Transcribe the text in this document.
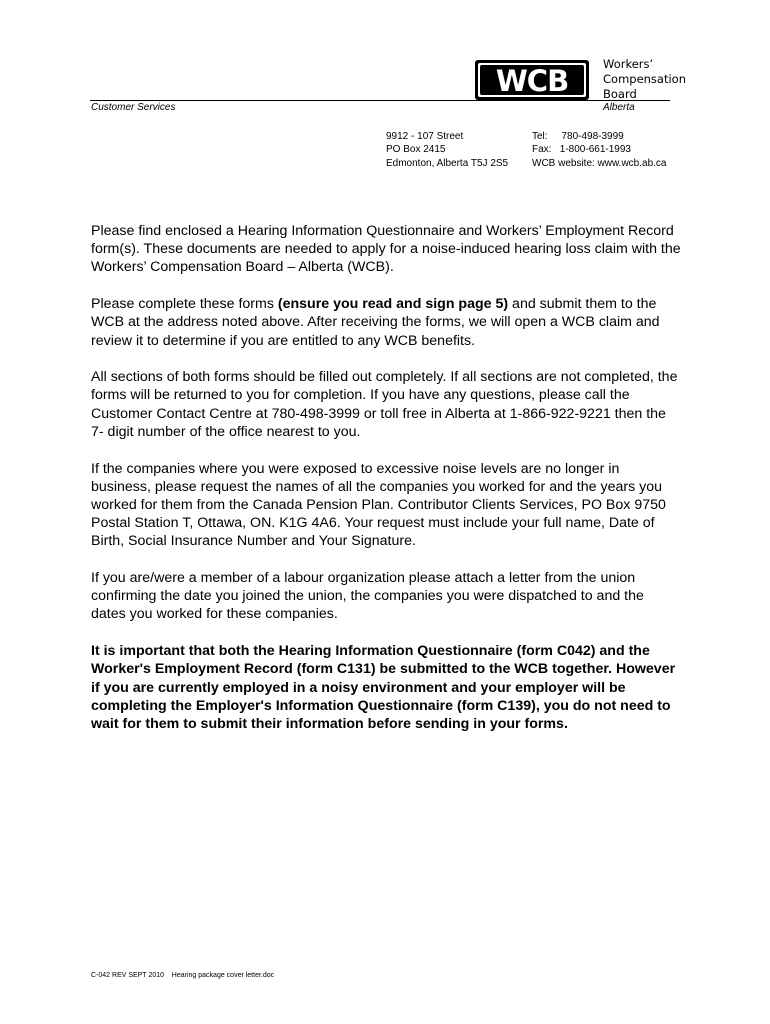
WCB	Workers’
Compensation
Board
Customer Services	Alberta
9912 - 107 Street
PO Box 2415
Edmonton, Alberta T5J 2S5
Tel:     780-498-3999
Fax:   1-800-661-1993
WCB website: www.wcb.ab.ca

Please find enclosed a Hearing Information Questionnaire and Workers’ Employment Record form(s). These documents are needed to apply for a noise-induced hearing loss claim with the Workers’ Compensation Board – Alberta (WCB).

Please complete these forms (ensure you read and sign page 5) and submit them to the WCB at the address noted above. After receiving the forms, we will open a WCB claim and review it to determine if you are entitled to any WCB benefits.

All sections of both forms should be filled out completely. If all sections are not completed, the forms will be returned to you for completion. If you have any questions, please call the Customer Contact Centre at 780-498-3999 or toll free in Alberta at 1-866-922-9221 then the 7- digit number of the office nearest to you.

If the companies where you were exposed to excessive noise levels are no longer in business, please request the names of all the companies you worked for and the years you worked for them from the Canada Pension Plan. Contributor Clients Services, PO Box 9750 Postal Station T, Ottawa, ON. K1G 4A6. Your request must include your full name, Date of Birth, Social Insurance Number and Your Signature.

If you are/were a member of a labour organization please attach a letter from the union confirming the date you joined the union, the companies you were dispatched to and the dates you worked for these companies.

It is important that both the Hearing Information Questionnaire (form C042) and the Worker's Employment Record (form C131) be submitted to the WCB together. However if you are currently employed in a noisy environment and your employer will be completing the Employer's Information Questionnaire (form C139), you do not need to wait for them to submit their information before sending in your forms.

C-042 REV SEPT 2010    Hearing package cover letter.doc
